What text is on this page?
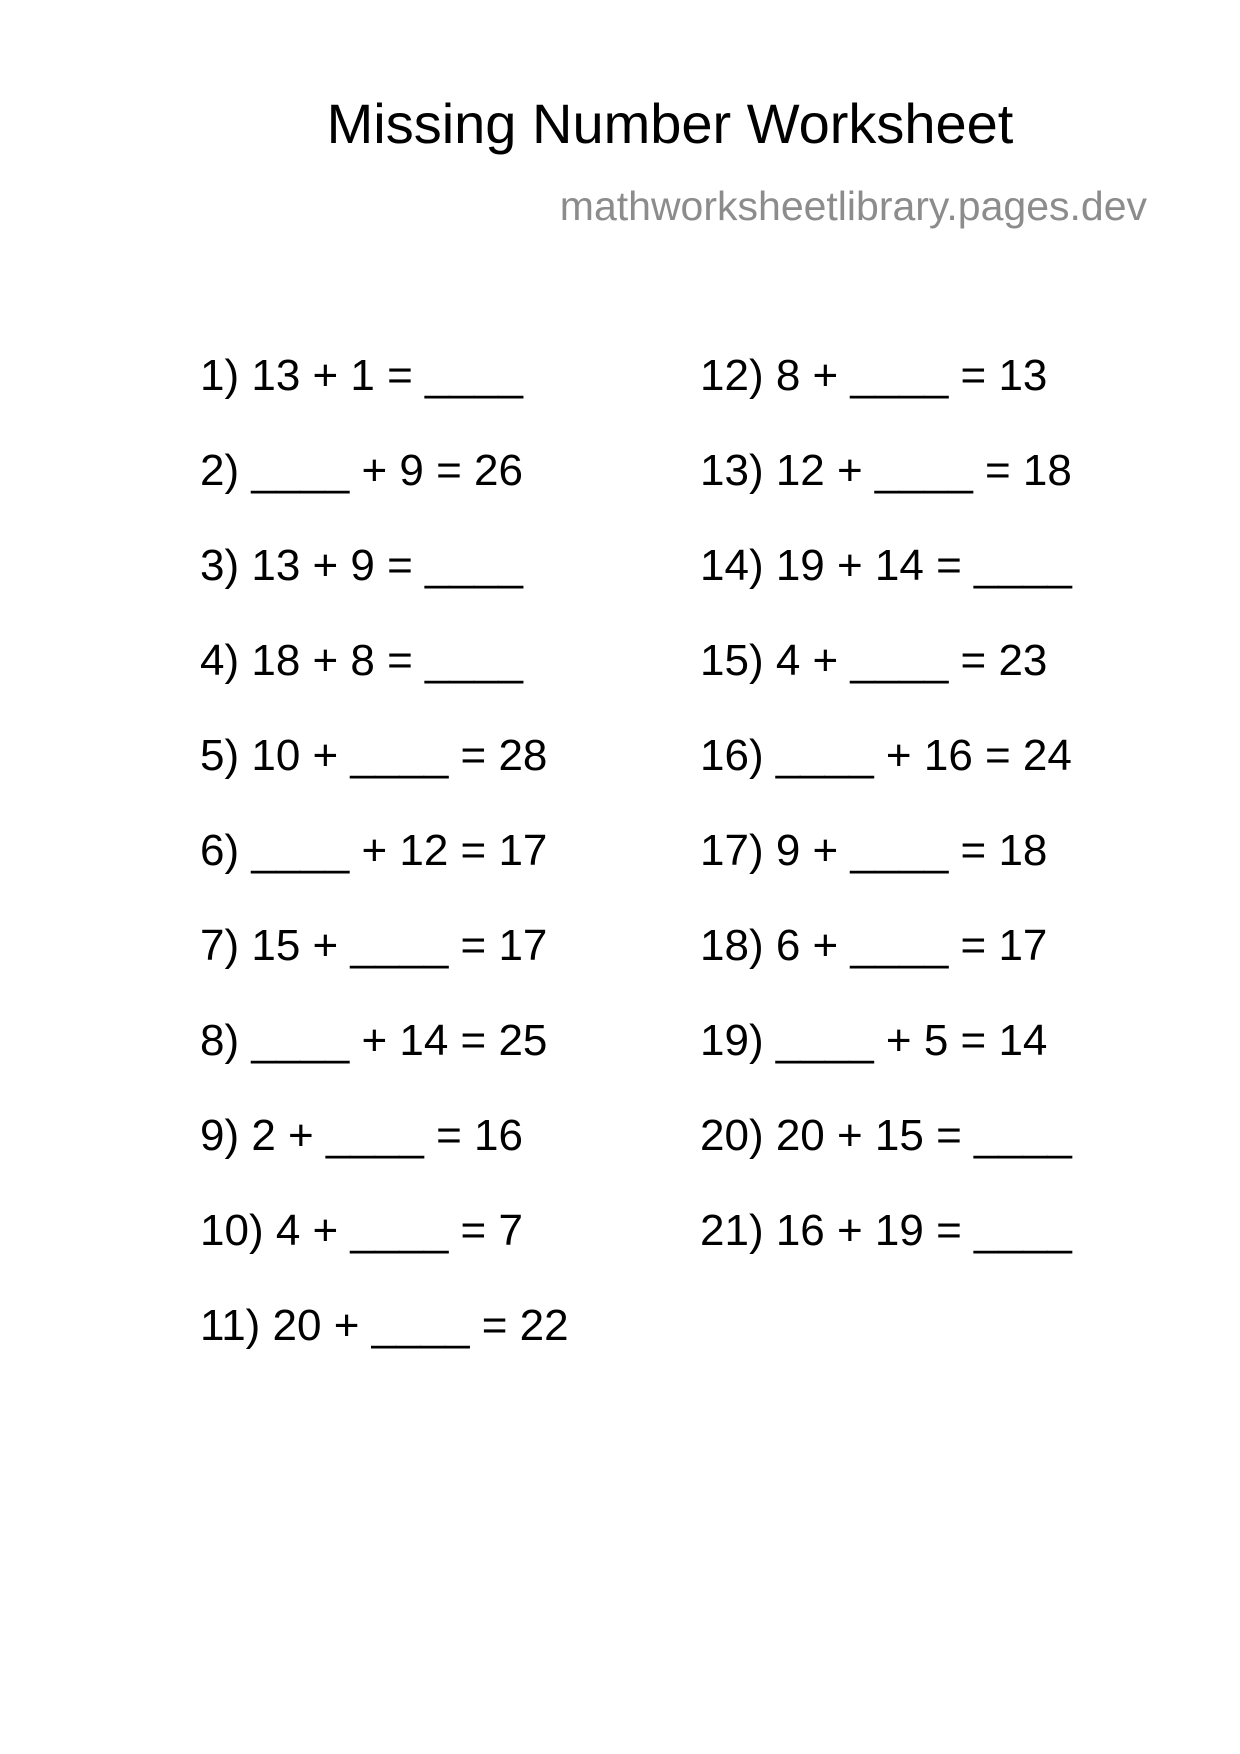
Missing Number Worksheet
mathworksheetlibrary.pages.dev
1) 13 + 1 = ____
2) ____ + 9 = 26
3) 13 + 9 = ____
4) 18 + 8 = ____
5) 10 + ____ = 28
6) ____ + 12 = 17
7) 15 + ____ = 17
8) ____ + 14 = 25
9) 2 + ____ = 16
10) 4 + ____ = 7
11) 20 + ____ = 22
12) 8 + ____ = 13
13) 12 + ____ = 18
14) 19 + 14 = ____
15) 4 + ____ = 23
16) ____ + 16 = 24
17) 9 + ____ = 18
18) 6 + ____ = 17
19) ____ + 5 = 14
20) 20 + 15 = ____
21) 16 + 19 = ____
